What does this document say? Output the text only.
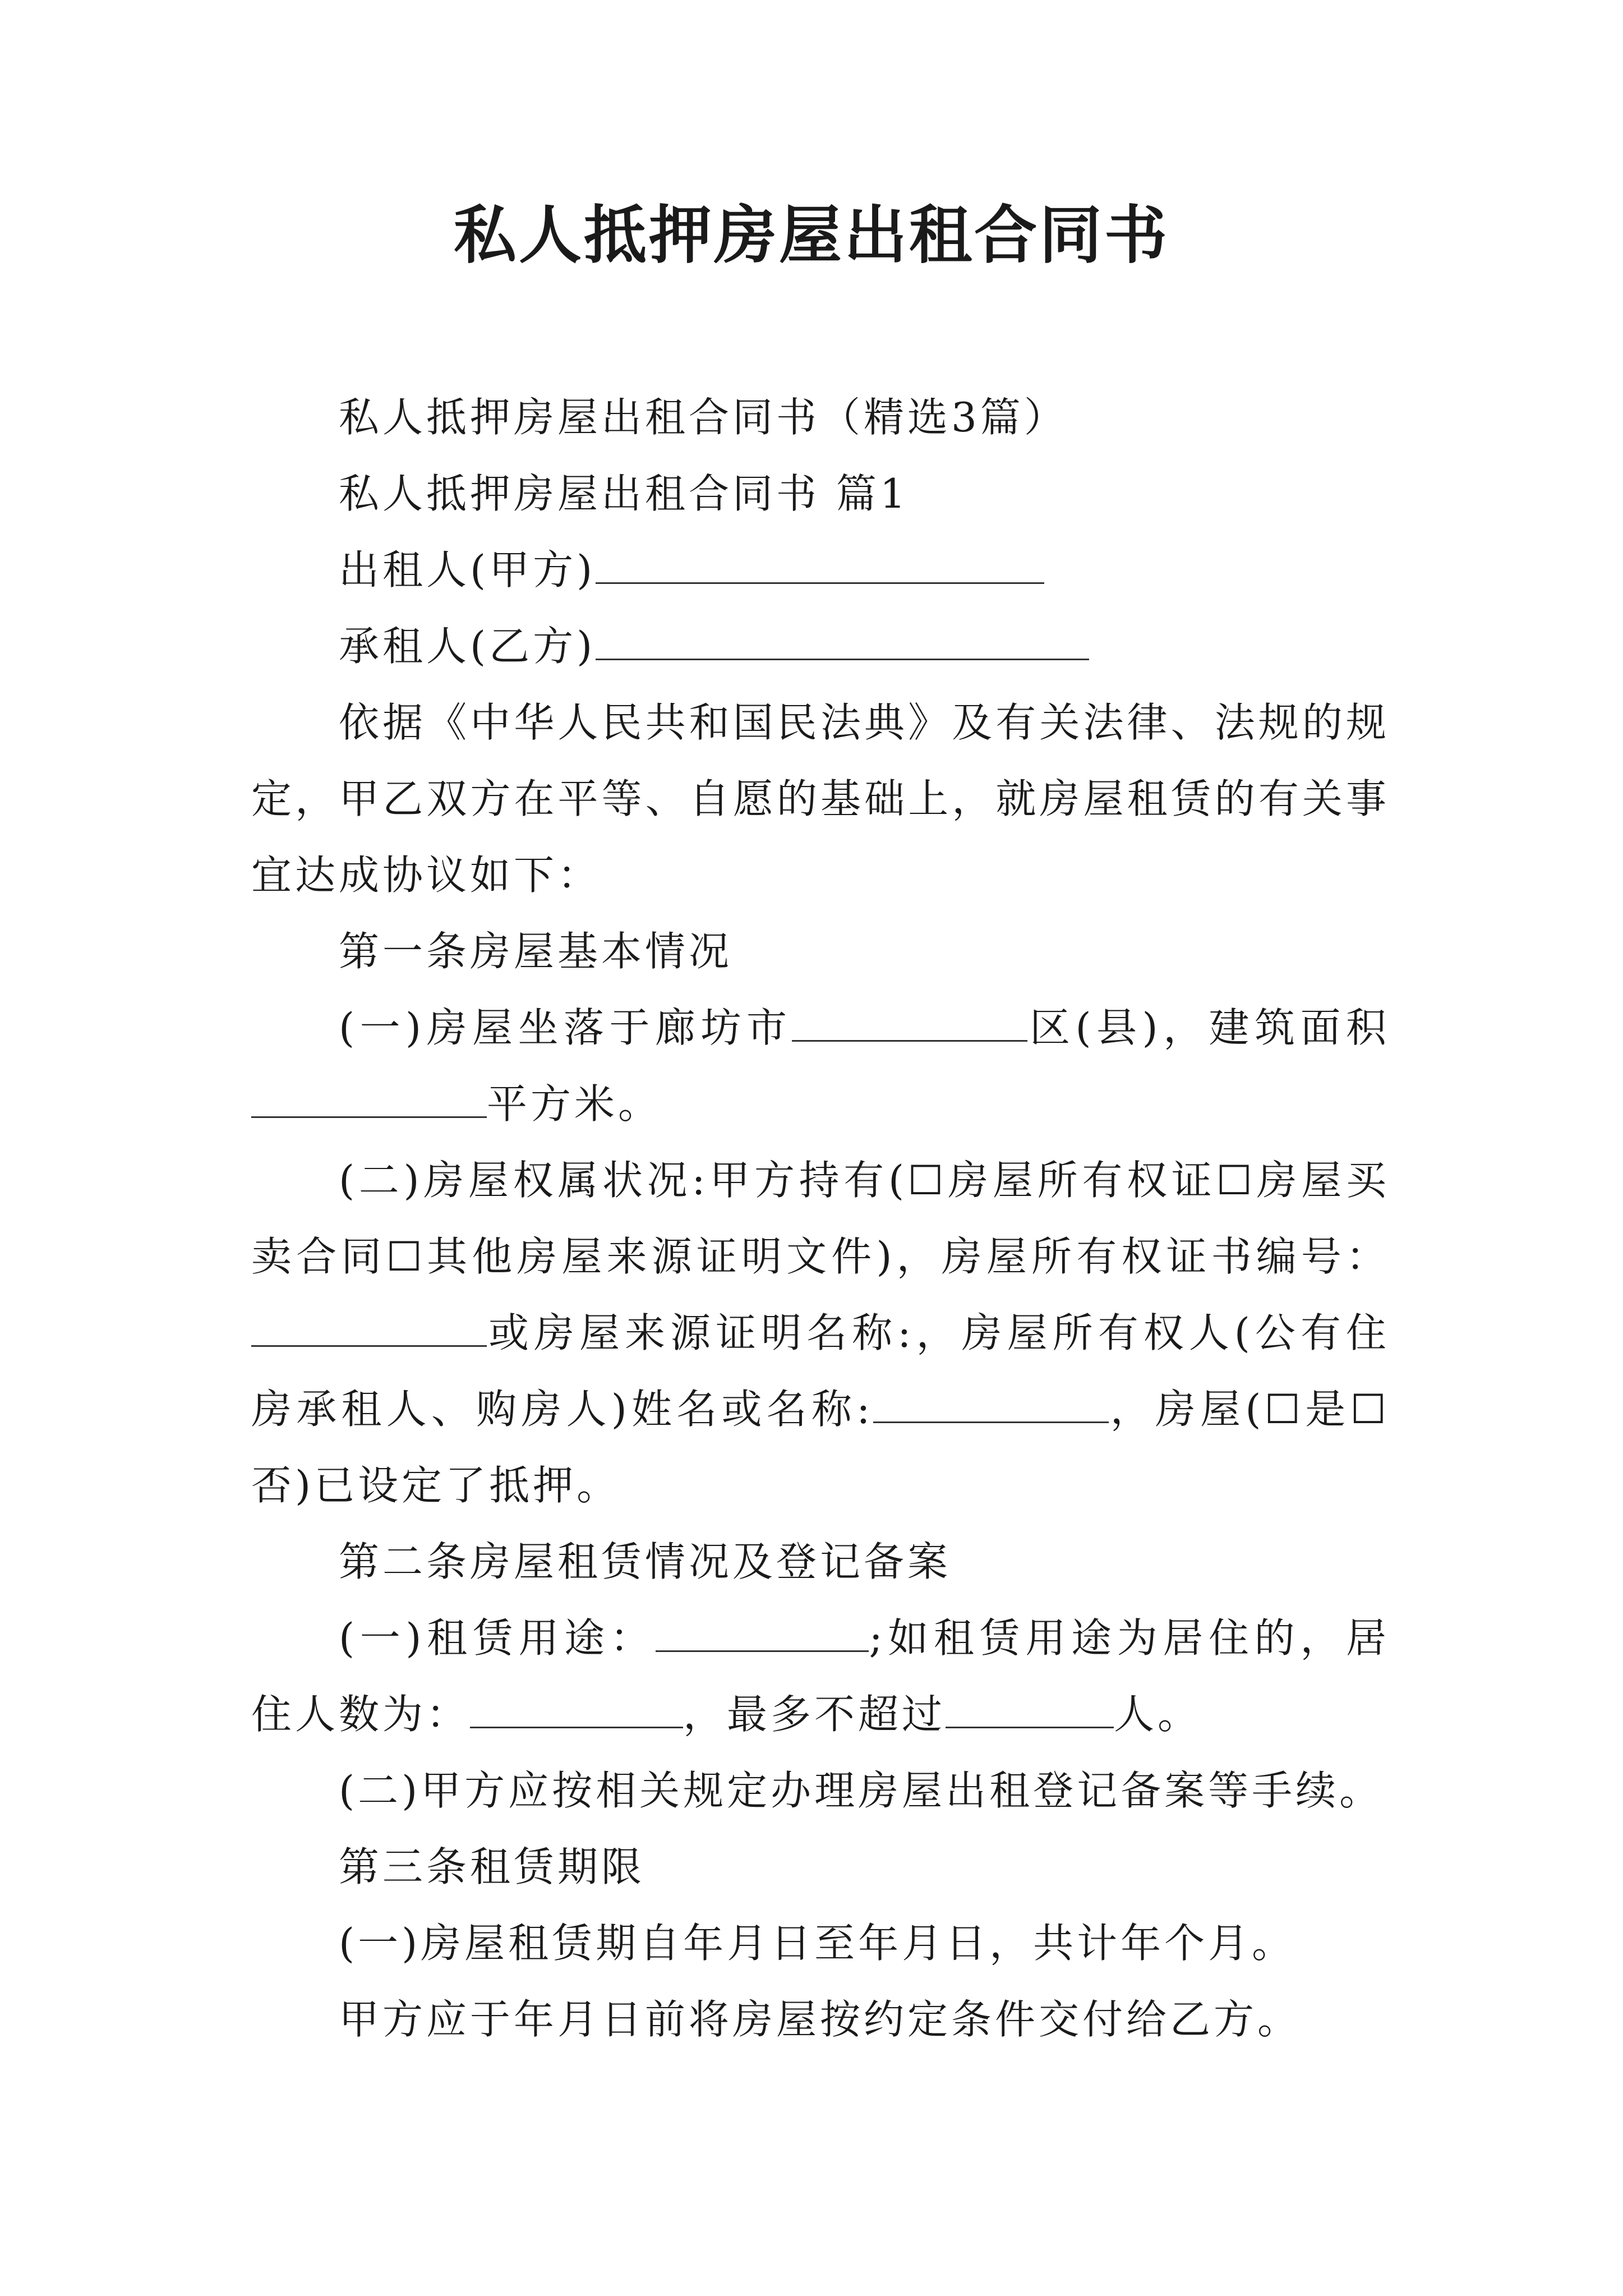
私人抵押房屋出租合同书

私人抵押房屋出租合同书（精选3篇）

私人抵押房屋出租合同书 篇1

出租人(甲方)

承租人(乙方)

依据《中华人民共和国民法典》及有关法律、法规的规定，甲乙双方在平等、自愿的基础上，就房屋租赁的有关事宜达成协议如下：

第一条房屋基本情况

(一)房屋坐落于廊坊市	区(县)，建筑面积平方米。

(二)房屋权属状况:甲方持有(☐房屋所有权证☐房屋买卖合同☐其他房屋来源证明文件)，房屋所有权证书编号：或房屋来源证明名称:，房屋所有权人(公有住房承租人、购房人)姓名或名称:	，房屋(☐是☐否)已设定了抵押。

第二条房屋租赁情况及登记备案

(一)租赁用途：	;如租赁用途为居住的，居住人数为：	，最多不超过	人。

(二)甲方应按相关规定办理房屋出租登记备案等手续。

第三条租赁期限

(一)房屋租赁期自年月日至年月日，共计年个月。

甲方应于年月日前将房屋按约定条件交付给乙方。
